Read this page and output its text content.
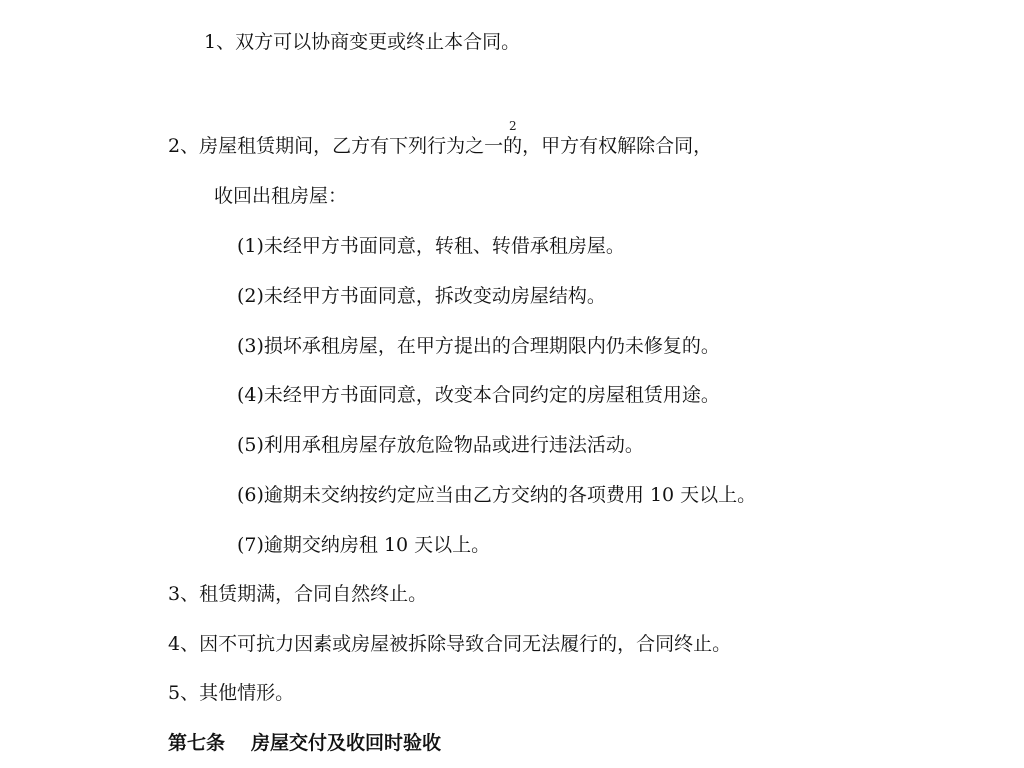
1、双方可以协商变更或终止本合同。
2
2、房屋租赁期间，乙方有下列行为之一的，甲方有权解除合同，
收回出租房屋：
(1)未经甲方书面同意，转租、转借承租房屋。
(2)未经甲方书面同意，拆改变动房屋结构。
(3)损坏承租房屋，在甲方提出的合理期限内仍未修复的。
(4)未经甲方书面同意，改变本合同约定的房屋租赁用途。
(5)利用承租房屋存放危险物品或进行违法活动。
(6)逾期未交纳按约定应当由乙方交纳的各项费用 10 天以上。
(7)逾期交纳房租 10 天以上。
3、租赁期满，合同自然终止。
4、因不可抗力因素或房屋被拆除导致合同无法履行的，合同终止。
5、其他情形。
第七条 房屋交付及收回时验收
